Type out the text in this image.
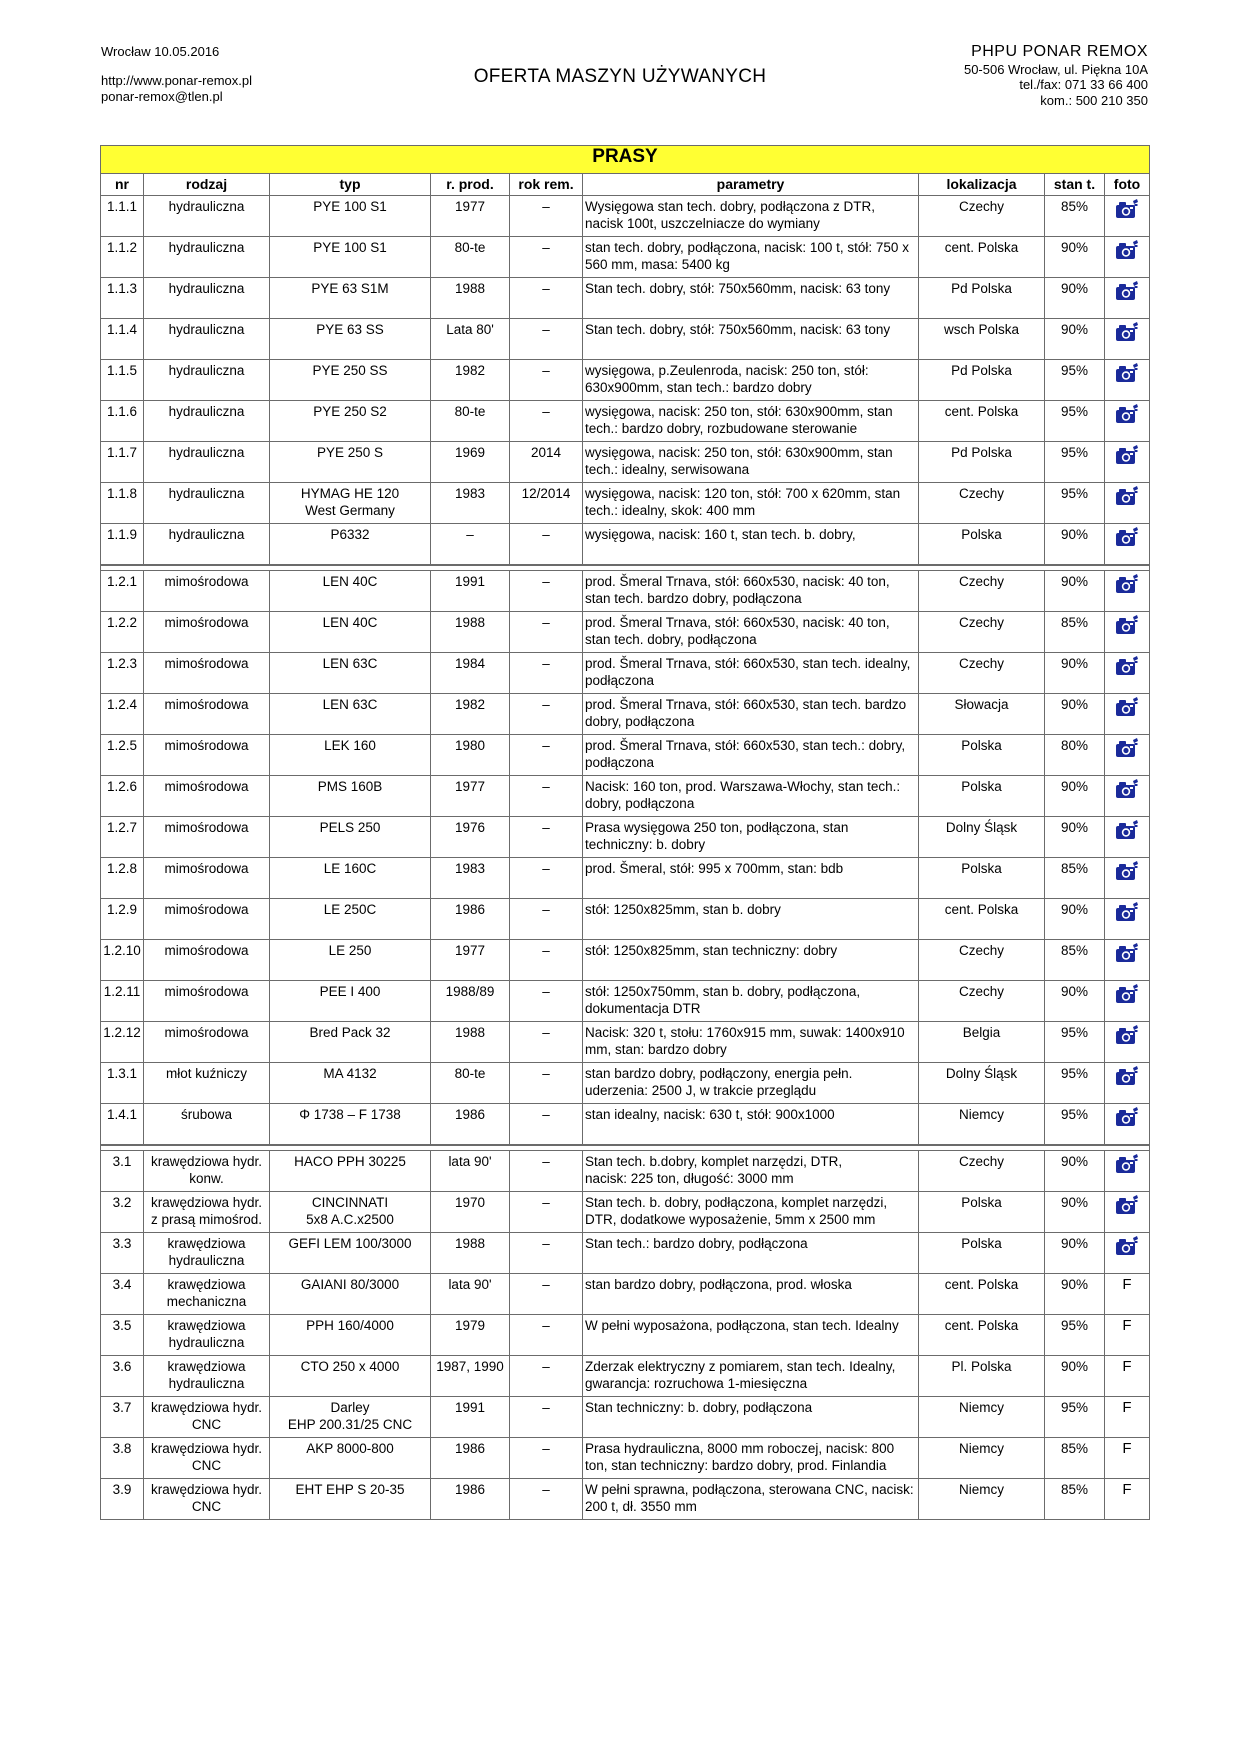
Wrocław 10.05.2016
http://www.ponar-remox.pl
ponar-remox@tlen.pl
OFERTA MASZYN UŻYWANYCH
PHPU PONAR REMOX
50-506 Wrocław, ul. Piękna 10A
tel./fax: 071 33 66 400
kom.: 500 210 350
PRASY								
nr	rodzaj	typ	r. prod.	rok rem.	parametry	lokalizacja	stan t.	foto
1.1.1	hydrauliczna	PYE 100 S1	1977	–	Wysięgowa stan tech. dobry, podłączona z DTR, nacisk 100t, uszczelniacze do wymiany	Czechy	85%	
1.1.2	hydrauliczna	PYE 100 S1	80-te	–	stan tech. dobry, podłączona, nacisk: 100 t, stół: 750 x 560 mm, masa: 5400 kg	cent. Polska	90%	
1.1.3	hydrauliczna	PYE 63 S1M	1988	–	Stan tech. dobry, stół: 750x560mm, nacisk: 63 tony	Pd Polska	90%	
1.1.4	hydrauliczna	PYE 63 SS	Lata 80'	–	Stan tech. dobry, stół: 750x560mm, nacisk: 63 tony	wsch Polska	90%	
1.1.5	hydrauliczna	PYE 250 SS	1982	–	wysięgowa, p.Zeulenroda, nacisk: 250 ton, stół: 630x900mm, stan tech.: bardzo dobry	Pd Polska	95%	
1.1.6	hydrauliczna	PYE 250 S2	80-te	–	wysięgowa, nacisk: 250 ton, stół: 630x900mm, stan tech.: bardzo dobry, rozbudowane sterowanie	cent. Polska	95%	
1.1.7	hydrauliczna	PYE 250 S	1969	2014	wysięgowa, nacisk: 250 ton, stół: 630x900mm, stan tech.: idealny, serwisowana	Pd Polska	95%	
1.1.8	hydrauliczna	HYMAG HE 120
West Germany	1983	12/2014	wysięgowa, nacisk: 120 ton, stół: 700 x 620mm, stan tech.: idealny, skok: 400 mm	Czechy	95%	
1.1.9	hydrauliczna	P6332	–	–	wysięgowa, nacisk: 160 t, stan tech. b. dobry,	Polska	90%	

1.2.1	mimośrodowa	LEN 40C	1991	–	prod. Šmeral Trnava, stół: 660x530, nacisk: 40 ton, stan tech. bardzo dobry, podłączona	Czechy	90%	
1.2.2	mimośrodowa	LEN 40C	1988	–	prod. Šmeral Trnava, stół: 660x530, nacisk: 40 ton, stan tech. dobry, podłączona	Czechy	85%	
1.2.3	mimośrodowa	LEN 63C	1984	–	prod. Šmeral Trnava, stół: 660x530, stan tech. idealny, podłączona	Czechy	90%	
1.2.4	mimośrodowa	LEN 63C	1982	–	prod. Šmeral Trnava, stół: 660x530, stan tech. bardzo dobry, podłączona	Słowacja	90%	
1.2.5	mimośrodowa	LEK 160	1980	–	prod. Šmeral Trnava, stół: 660x530, stan tech.: dobry, podłączona	Polska	80%	
1.2.6	mimośrodowa	PMS 160B	1977	–	Nacisk: 160 ton, prod. Warszawa-Włochy, stan tech.: dobry, podłączona	Polska	90%	
1.2.7	mimośrodowa	PELS 250	1976	–	Prasa wysięgowa 250 ton, podłączona, stan techniczny: b. dobry	Dolny Śląsk	90%	
1.2.8	mimośrodowa	LE 160C	1983	–	prod. Šmeral, stół: 995 x 700mm, stan: bdb	Polska	85%	
1.2.9	mimośrodowa	LE 250C	1986	–	stół: 1250x825mm, stan b. dobry	cent. Polska	90%	
1.2.10	mimośrodowa	LE 250	1977	–	stół: 1250x825mm, stan techniczny: dobry	Czechy	85%	
1.2.11	mimośrodowa	PEE I 400	1988/89	–	stół: 1250x750mm, stan b. dobry, podłączona, dokumentacja DTR	Czechy	90%	
1.2.12	mimośrodowa	Bred Pack 32	1988	–	Nacisk: 320 t, stołu: 1760x915 mm, suwak: 1400x910 mm, stan: bardzo dobry	Belgia	95%	
1.3.1	młot kuźniczy	MA 4132	80-te	–	stan bardzo dobry, podłączony, energia pełn. uderzenia: 2500 J, w trakcie przeglądu	Dolny Śląsk	95%	
1.4.1	śrubowa	Φ 1738 – F 1738	1986	–	stan idealny, nacisk: 630 t, stół: 900x1000	Niemcy	95%	

3.1	krawędziowa hydr.
konw.	HACO PPH 30225	lata 90'	–	Stan tech. b.dobry, komplet narzędzi, DTR,
nacisk: 225 ton, długość: 3000 mm	Czechy	90%	
3.2	krawędziowa hydr.
z prasą mimośrod.	CINCINNATI
5x8 A.C.x2500	1970	–	Stan tech. b. dobry, podłączona, komplet narzędzi, DTR, dodatkowe wyposażenie, 5mm x 2500 mm	Polska	90%	
3.3	krawędziowa
hydrauliczna	GEFI LEM 100/3000	1988	–	Stan tech.: bardzo dobry, podłączona	Polska	90%	
3.4	krawędziowa
mechaniczna	GAIANI 80/3000	lata 90'	–	stan bardzo dobry, podłączona, prod. włoska	cent. Polska	90%	F
3.5	krawędziowa
hydrauliczna	PPH 160/4000	1979	–	W pełni wyposażona, podłączona, stan tech. Idealny	cent. Polska	95%	F
3.6	krawędziowa
hydrauliczna	CTO 250 x 4000	1987, 1990	–	Zderzak elektryczny z pomiarem, stan tech. Idealny, gwarancja: rozruchowa 1-miesięczna	Pl. Polska	90%	F
3.7	krawędziowa hydr.
CNC	Darley
EHP 200.31/25 CNC	1991	–	Stan techniczny: b. dobry, podłączona	Niemcy	95%	F
3.8	krawędziowa hydr.
CNC	AKP 8000-800	1986	–	Prasa hydrauliczna, 8000 mm roboczej, nacisk: 800 ton, stan techniczny: bardzo dobry, prod. Finlandia	Niemcy	85%	F
3.9	krawędziowa hydr.
CNC	EHT EHP S 20-35	1986	–	W pełni sprawna, podłączona, sterowana CNC, nacisk: 200 t, dł. 3550 mm	Niemcy	85%	F
